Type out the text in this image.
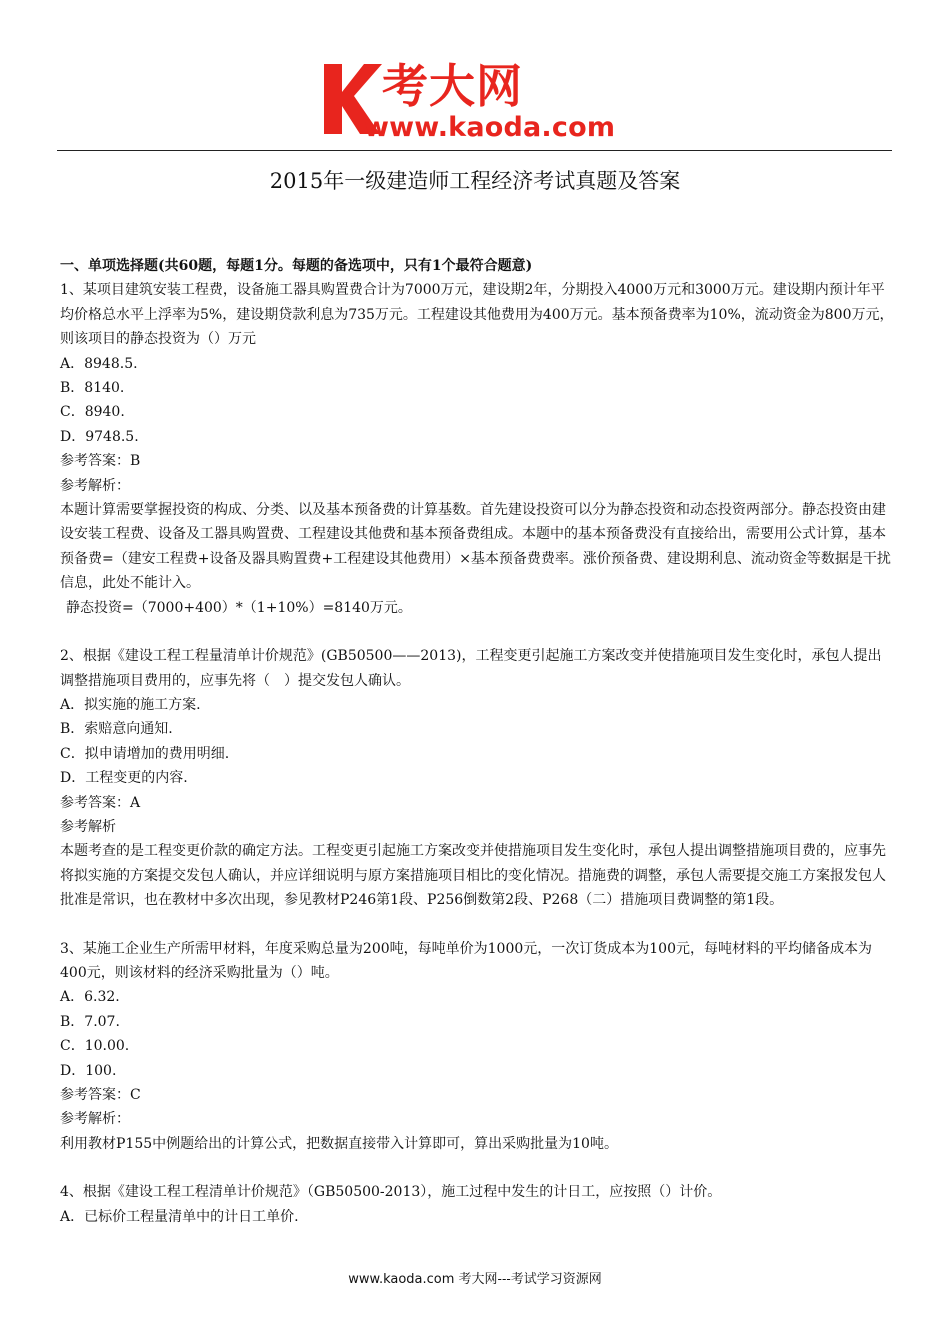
考大网
www.kaoda.com
2015年一级建造师工程经济考试真题及答案

一、单项选择题(共60题，每题1分。每题的备选项中，只有1个最符合题意)

1、某项目建筑安装工程费，设备施工器具购置费合计为7000万元，建设期2年，分期投入4000万元和3000万元。建设期内预计年平均价格总水平上浮率为5%，建设期贷款利息为735万元。工程建设其他费用为400万元。基本预备费率为10%，流动资金为800万元，则该项目的静态投资为（）万元

A．8948.5.

B．8140.

C．8940.

D．9748.5.

参考答案：B

参考解析：

本题计算需要掌握投资的构成、分类、以及基本预备费的计算基数。首先建设投资可以分为静态投资和动态投资两部分。静态投资由建设安装工程费、设备及工器具购置费、工程建设其他费和基本预备费组成。本题中的基本预备费没有直接给出，需要用公式计算，基本预备费=（建安工程费+设备及器具购置费+工程建设其他费用）×基本预备费费率。涨价预备费、建设期利息、流动资金等数据是干扰信息，此处不能计入。

静态投资=（7000+400）*（1+10%）=8140万元。

2、根据《建设工程工程量清单计价规范》(GB50500——2013)，工程变更引起施工方案改变并使措施项目发生变化时，承包人提出调整措施项目费用的，应事先将（　）提交发包人确认。

A．拟实施的施工方案.

B．索赔意向通知.

C．拟申请增加的费用明细.

D．工程变更的内容.

参考答案：A

参考解析

本题考查的是工程变更价款的确定方法。工程变更引起施工方案改变并使措施项目发生变化时，承包人提出调整措施项目费的，应事先将拟实施的方案提交发包人确认，并应详细说明与原方案措施项目相比的变化情况。措施费的调整，承包人需要提交施工方案报发包人批准是常识，也在教材中多次出现，参见教材P246第1段、P256倒数第2段、P268（二）措施项目费调整的第1段。

3、某施工企业生产所需甲材料，年度采购总量为200吨，每吨单价为1000元，一次订货成本为100元，每吨材料的平均储备成本为400元，则该材料的经济采购批量为（）吨。

A．6.32.

B．7.07.

C．10.00.

D．100.

参考答案：C

参考解析：

利用教材P155中例题给出的计算公式，把数据直接带入计算即可，算出采购批量为10吨。

4、根据《建设工程工程清单计价规范》（GB50500-2013），施工过程中发生的计日工，应按照（）计价。

A．已标价工程量清单中的计日工单价.

www.kaoda.com 考大网---考试学习资源网
